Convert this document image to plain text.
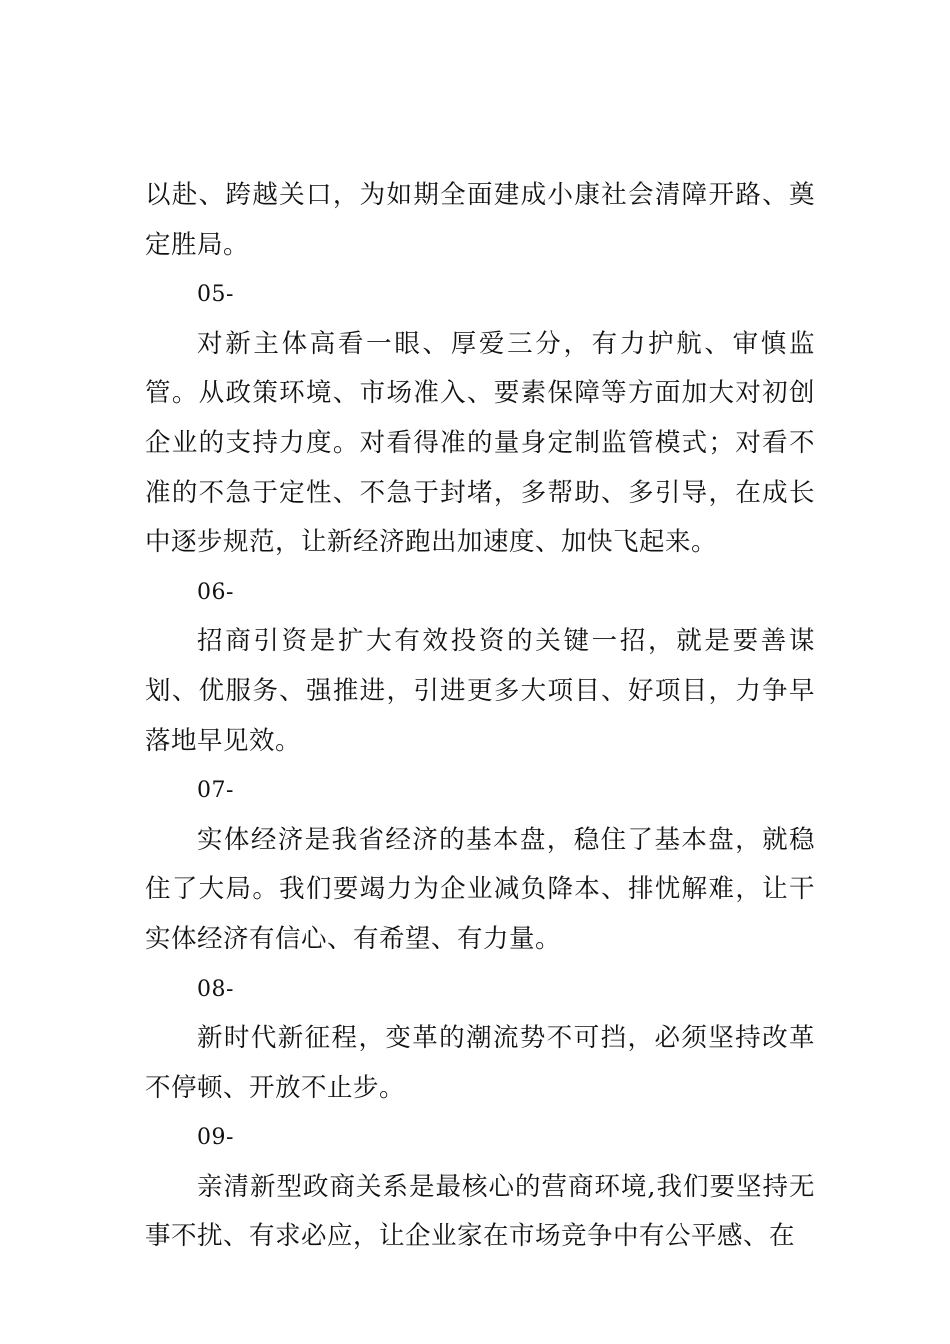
以赴、跨越关口，为如期全面建成小康社会清障开路、奠定胜局。

05-

对新主体高看一眼、厚爱三分，有力护航、审慎监管。从政策环境、市场准入、要素保障等方面加大对初创企业的支持力度。对看得准的量身定制监管模式；对看不准的不急于定性、不急于封堵，多帮助、多引导，在成长中逐步规范，让新经济跑出加速度、加快飞起来。

06-

招商引资是扩大有效投资的关键一招，就是要善谋划、优服务、强推进，引进更多大项目、好项目，力争早落地早见效。

07-

实体经济是我省经济的基本盘，稳住了基本盘，就稳住了大局。我们要竭力为企业减负降本、排忧解难，让干实体经济有信心、有希望、有力量。

08-

新时代新征程，变革的潮流势不可挡，必须坚持改革不停顿、开放不止步。

09-

亲清新型政商关系是最核心的营商环境,我们要坚持无事不扰、有求必应，让企业家在市场竞争中有公平感、在
